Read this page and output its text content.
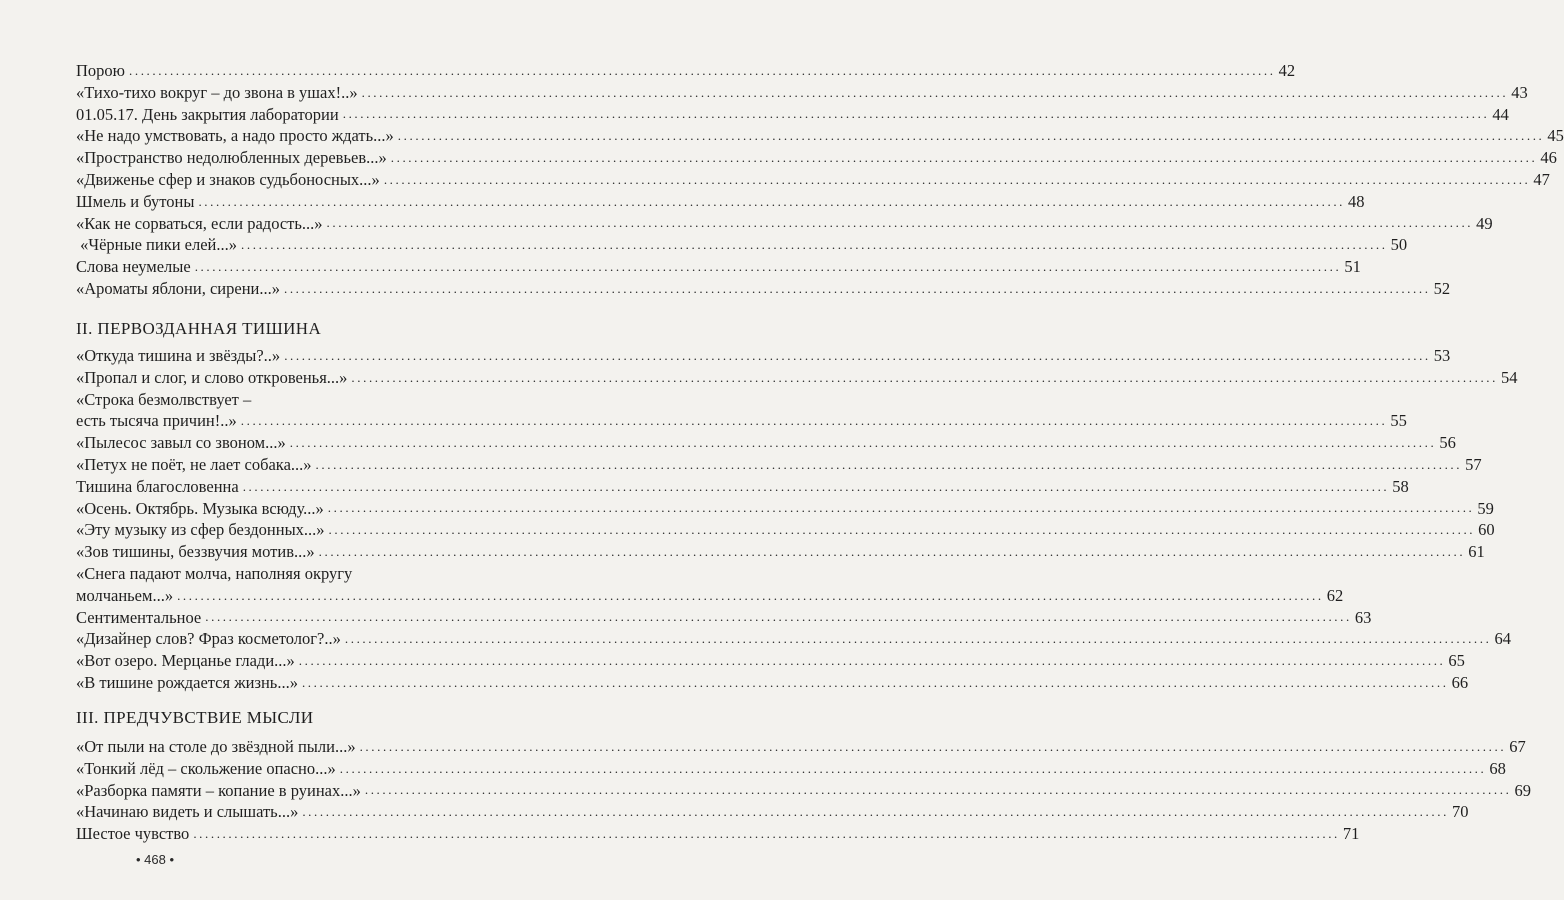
Порою .....	42
«Тихо-тихо вокруг – до звона в ушах!..» .....	43
01.05.17. День закрытия лаборатории .....	44
«Не надо умствовать, а надо просто ждать...» .....	45
«Пространство недолюбленных деревьев...» .....	46
«Движенье сфер и знаков судьбоносных...» .....	47
Шмель и бутоны .....	48
«Как не сорваться, если радость...» .....	49
«Чёрные пики елей...» .....	50
Слова неумелые .....	51
«Ароматы яблони, сирени...» .....	52
II. ПЕРВОЗДАННАЯ ТИШИНА
«Откуда тишина и звёзды?..» .....	53
«Пропал и слог, и слово откровенья...» .....	54
«Строка безмолвствует –
есть тысяча причин!..» .....	55
«Пылесос завыл со звоном...» .....	56
«Петух не поёт, не лает собака...» .....	57
Тишина благословенна .....	58
«Осень. Октябрь. Музыка всюду...» .....	59
«Эту музыку из сфер бездонных...» .....	60
«Зов тишины, беззвучия мотив...» .....	61
«Снега падают молча, наполняя округу
молчаньем...» .....	62
Сентиментальное .....	63
«Дизайнер слов? Фраз косметолог?..» .....	64
«Вот озеро. Мерцанье глади...» .....	65
«В тишине рождается жизнь...» .....	66
III. ПРЕДЧУВСТВИЕ МЫСЛИ
«От пыли на столе до звёздной пыли...» .....	67
«Тонкий лёд – скольжение опасно...» .....	68
«Разборка памяти – копание в руинах...» .....	69
«Начинаю видеть и слышать...» .....	70
Шестое чувство .....	71
• 468 •
